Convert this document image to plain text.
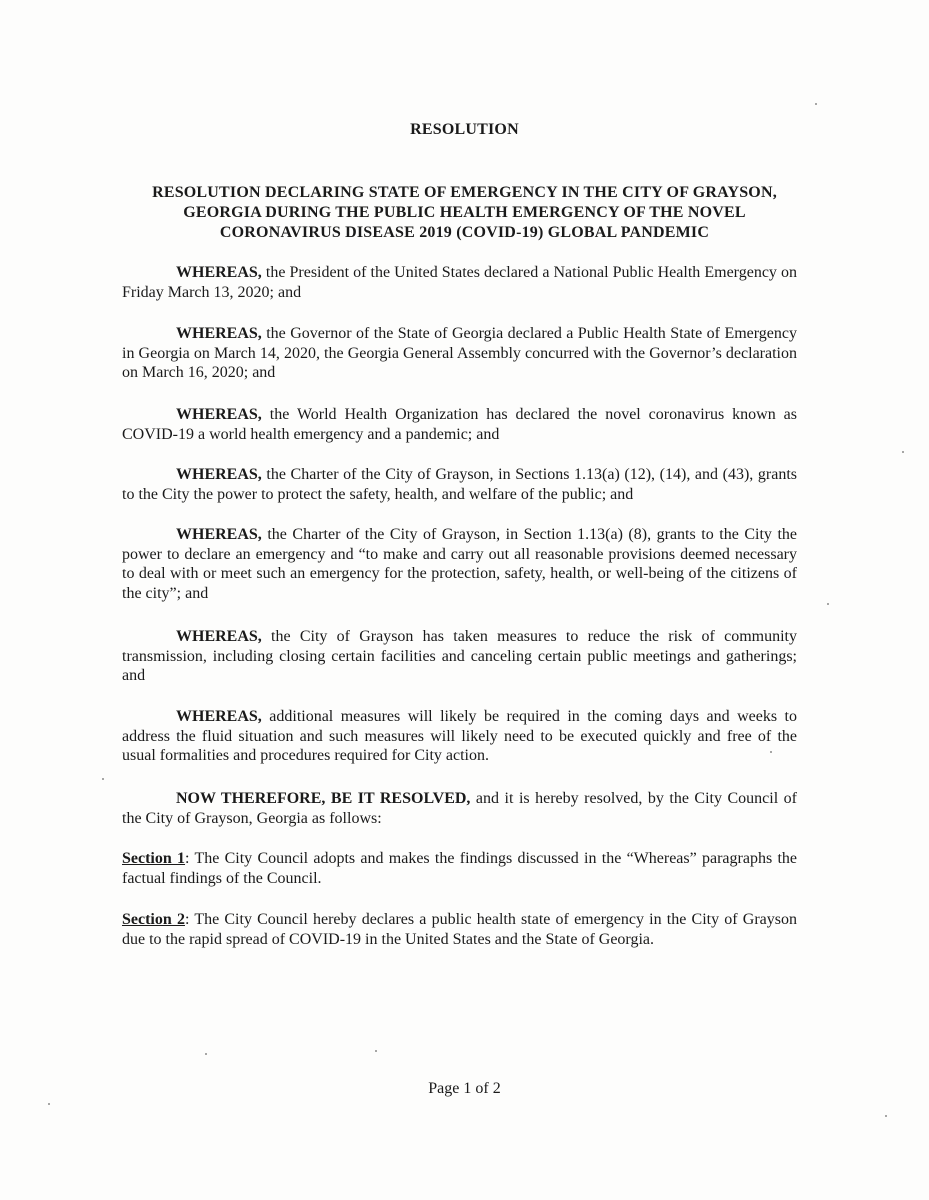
RESOLUTION
RESOLUTION DECLARING STATE OF EMERGENCY IN THE CITY OF GRAYSON,
GEORGIA DURING THE PUBLIC HEALTH EMERGENCY OF THE NOVEL
CORONAVIRUS DISEASE 2019 (COVID-19) GLOBAL PANDEMIC

WHEREAS, the President of the United States declared a National Public Health Emergency on Friday March 13, 2020; and

WHEREAS, the Governor of the State of Georgia declared a Public Health State of Emergency in Georgia on March 14, 2020, the Georgia General Assembly concurred with the Governor’s declaration on March 16, 2020; and

WHEREAS, the World Health Organization has declared the novel coronavirus known as COVID-19 a world health emergency and a pandemic; and

WHEREAS, the Charter of the City of Grayson, in Sections 1.13(a) (12), (14), and (43), grants to the City the power to protect the safety, health, and welfare of the public; and

WHEREAS, the Charter of the City of Grayson, in Section 1.13(a) (8), grants to the City the power to declare an emergency and “to make and carry out all reasonable provisions deemed necessary to deal with or meet such an emergency for the protection, safety, health, or well-being of the citizens of the city”; and

WHEREAS, the City of Grayson has taken measures to reduce the risk of community transmission, including closing certain facilities and canceling certain public meetings and gatherings; and

WHEREAS, additional measures will likely be required in the coming days and weeks to address the fluid situation and such measures will likely need to be executed quickly and free of the usual formalities and procedures required for City action.

NOW THEREFORE, BE IT RESOLVED, and it is hereby resolved, by the City Council of the City of Grayson, Georgia as follows:

Section 1: The City Council adopts and makes the findings discussed in the “Whereas” paragraphs the factual findings of the Council.

Section 2: The City Council hereby declares a public health state of emergency in the City of Grayson due to the rapid spread of COVID-19 in the United States and the State of Georgia.

Page 1 of 2
